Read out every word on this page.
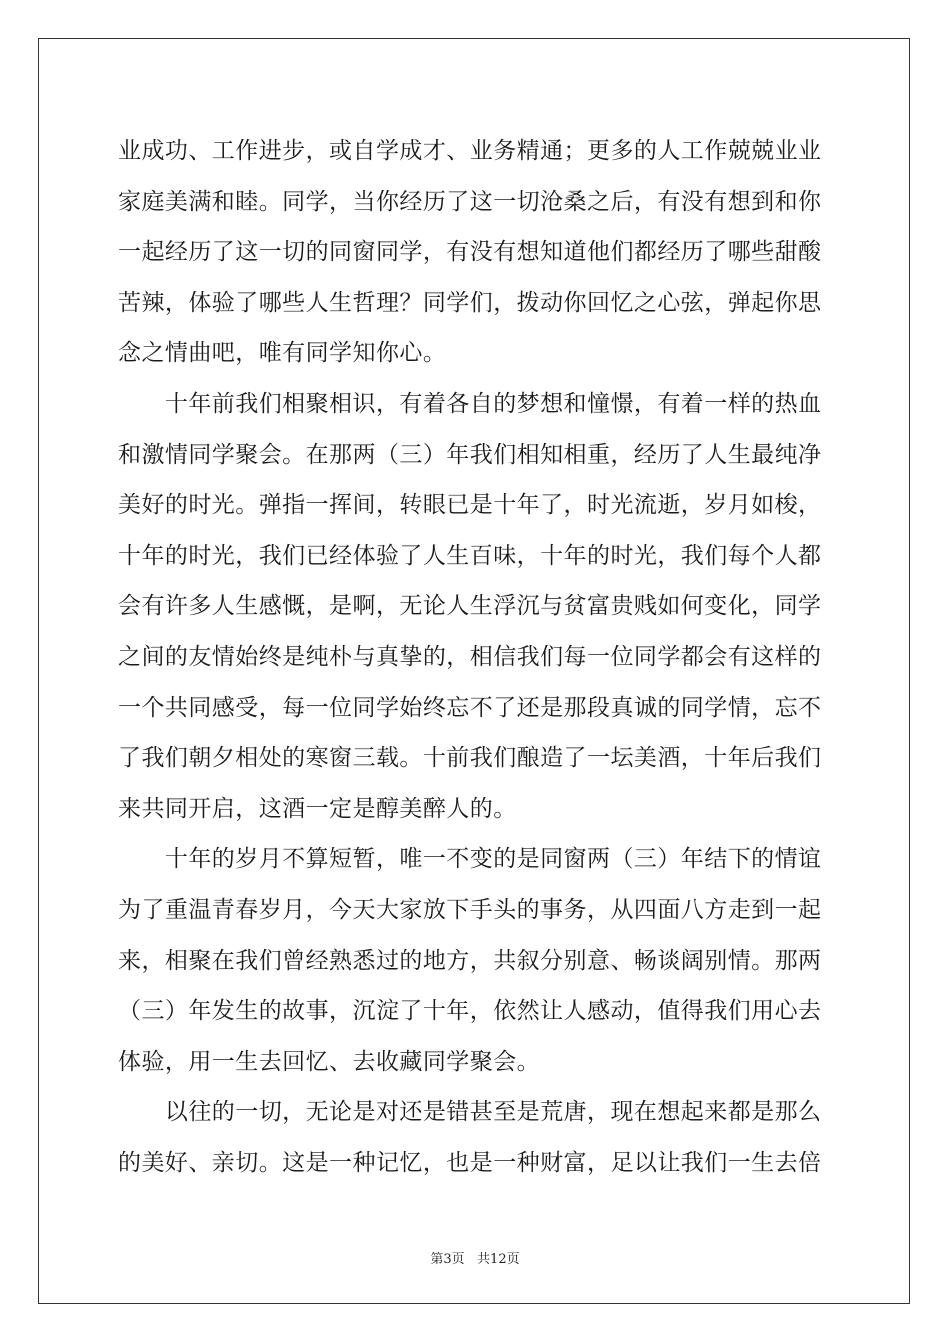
业成功、工作进步，或自学成才、业务精通；更多的人工作兢兢业业
家庭美满和睦。同学，当你经历了这一切沧桑之后，有没有想到和你
一起经历了这一切的同窗同学，有没有想知道他们都经历了哪些甜酸
苦辣，体验了哪些人生哲理？同学们，拨动你回忆之心弦，弹起你思
念之情曲吧，唯有同学知你心。
　　十年前我们相聚相识，有着各自的梦想和憧憬，有着一样的热血
和激情同学聚会。在那两（三）年我们相知相重，经历了人生最纯净
美好的时光。弹指一挥间，转眼已是十年了，时光流逝，岁月如梭，
十年的时光，我们已经体验了人生百味，十年的时光，我们每个人都
会有许多人生感慨，是啊，无论人生浮沉与贫富贵贱如何变化，同学
之间的友情始终是纯朴与真挚的，相信我们每一位同学都会有这样的
一个共同感受，每一位同学始终忘不了还是那段真诚的同学情，忘不
了我们朝夕相处的寒窗三载。十前我们酿造了一坛美酒，十年后我们
来共同开启，这酒一定是醇美醉人的。
　　十年的岁月不算短暂，唯一不变的是同窗两（三）年结下的情谊
为了重温青春岁月，今天大家放下手头的事务，从四面八方走到一起
来，相聚在我们曾经熟悉过的地方，共叙分别意、畅谈阔别情。那两
（三）年发生的故事，沉淀了十年，依然让人感动，值得我们用心去
体验，用一生去回忆、去收藏同学聚会。
　　以往的一切，无论是对还是错甚至是荒唐，现在想起来都是那么
的美好、亲切。这是一种记忆，也是一种财富，足以让我们一生去倍
第3页   共12页
